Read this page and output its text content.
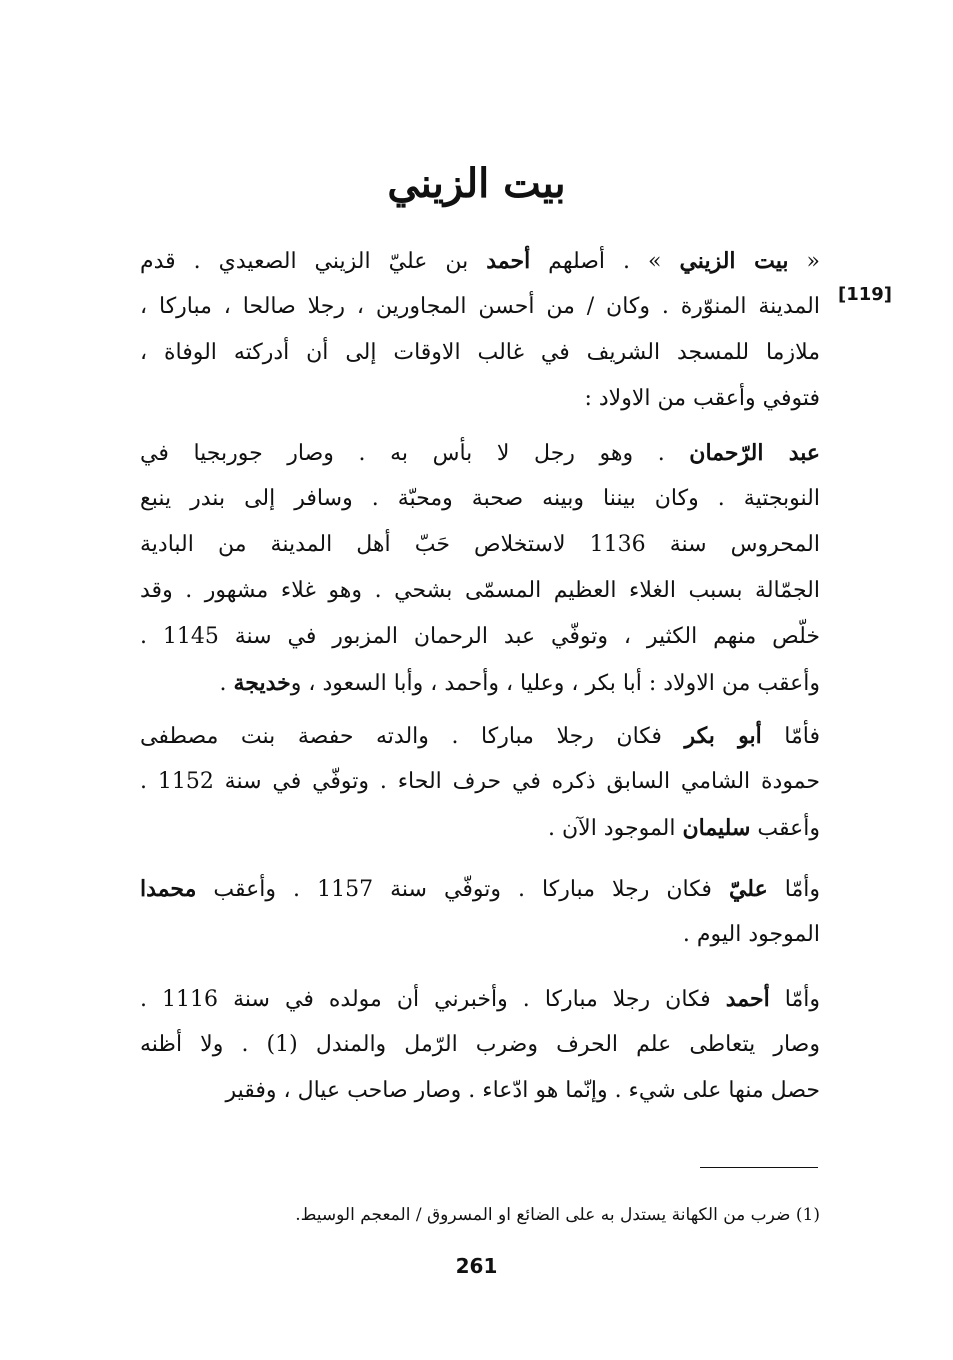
بيت الزيني
[119]
« بيت الزيني » . أصلهم أحمد بن عليّ الزيني الصعيدي . قدم
المدينة المنوّرة . وكان / من أحسن المجاورين ، رجلا صالحا ، مباركا ،
ملازما للمسجد الشريف في غالب الاوقات إلى أن أدركته الوفاة ،
فتوفي وأعقب من الاولاد :
عبد الرّحمان . وهو رجل لا بأس به . وصار جوربجيا في
النوبجتية . وكان بيننا وبينه صحبة ومحبّة . وسافر إلى بندر ينبع
المحروس سنة 1136 لاستخلاص حَبّ أهل المدينة من البادية
الجمّالة بسبب الغلاء العظيم المسمّى بشحي . وهو غلاء مشهور . وقد
خلّص منهم الكثير ، وتوفّي عبد الرحمان المزبور في سنة 1145 .
وأعقب من الاولاد : أبا بكر ، وعليا ، وأحمد ، وأبا السعود ، وخديجة .
فأمّا أبو بكر فكان رجلا مباركا . والدته حفصة بنت مصطفى
حمودة الشامي السابق ذكره في حرف الحاء . وتوفّي في سنة 1152 .
وأعقب سليمان الموجود الآن .
وأمّا عليّ فكان رجلا مباركا . وتوفّي سنة 1157 . وأعقب محمدا
الموجود اليوم .
وأمّا أحمد فكان رجلا مباركا . وأخبرني أن مولده في سنة 1116 .
وصار يتعاطى علم الحرف وضرب الرّمل والمندل (1) . ولا أظنه
حصل منها على شيء . وإنّما هو ادّعاء . وصار صاحب عيال ، وفقير
(1) ضرب من الكهانة يستدل به على الضائع او المسروق / المعجم الوسيط.
261
